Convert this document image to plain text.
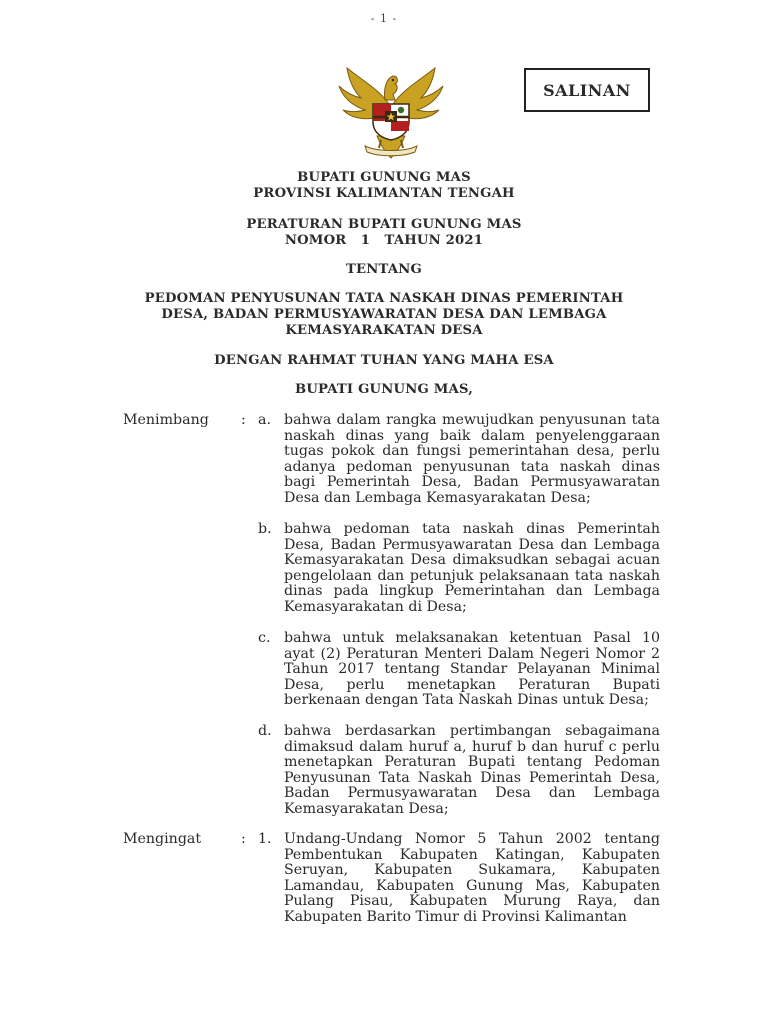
- 1 -
SALINAN

BUPATI GUNUNG MAS

PROVINSI KALIMANTAN TENGAH

PERATURAN BUPATI GUNUNG MAS

NOMOR   1   TAHUN 2021

TENTANG

PEDOMAN PENYUSUNAN TATA NASKAH DINAS PEMERINTAH

DESA, BADAN PERMUSYAWARATAN DESA DAN LEMBAGA

KEMASYARAKATAN DESA

DENGAN RAHMAT TUHAN YANG MAHA ESA

BUPATI GUNUNG MAS,

Menimbang : a. bahwa dalam rangka mewujudkan penyusunan tata naskah dinas yang baik dalam penyelenggaraan tugas pokok dan fungsi pemerintahan desa, perlu adanya pedoman penyusunan tata naskah dinas bagi Pemerintah Desa, Badan Permusyawaratan Desa dan Lembaga Kemasyarakatan Desa;

b. bahwa pedoman tata naskah dinas Pemerintah Desa, Badan Permusyawaratan Desa dan Lembaga Kemasyarakatan Desa dimaksudkan sebagai acuan pengelolaan dan petunjuk pelaksanaan tata naskah dinas pada lingkup Pemerintahan dan Lembaga Kemasyarakatan di Desa;

c. bahwa untuk melaksanakan ketentuan Pasal 10 ayat (2) Peraturan Menteri Dalam Negeri Nomor 2 Tahun 2017 tentang Standar Pelayanan Minimal Desa, perlu menetapkan Peraturan Bupati berkenaan dengan Tata Naskah Dinas untuk Desa;

d. bahwa berdasarkan pertimbangan sebagaimana dimaksud dalam huruf a, huruf b dan huruf c perlu menetapkan Peraturan Bupati tentang Pedoman Penyusunan Tata Naskah Dinas Pemerintah Desa, Badan Permusyawaratan Desa dan Lembaga Kemasyarakatan Desa;

Mengingat	: 1. Undang-Undang Nomor 5 Tahun 2002 tentang Pembentukan Kabupaten Katingan, Kabupaten Seruyan, Kabupaten Sukamara, Kabupaten Lamandau, Kabupaten Gunung Mas, Kabupaten Pulang Pisau, Kabupaten Murung Raya, dan Kabupaten Barito Timur di Provinsi Kalimantan
